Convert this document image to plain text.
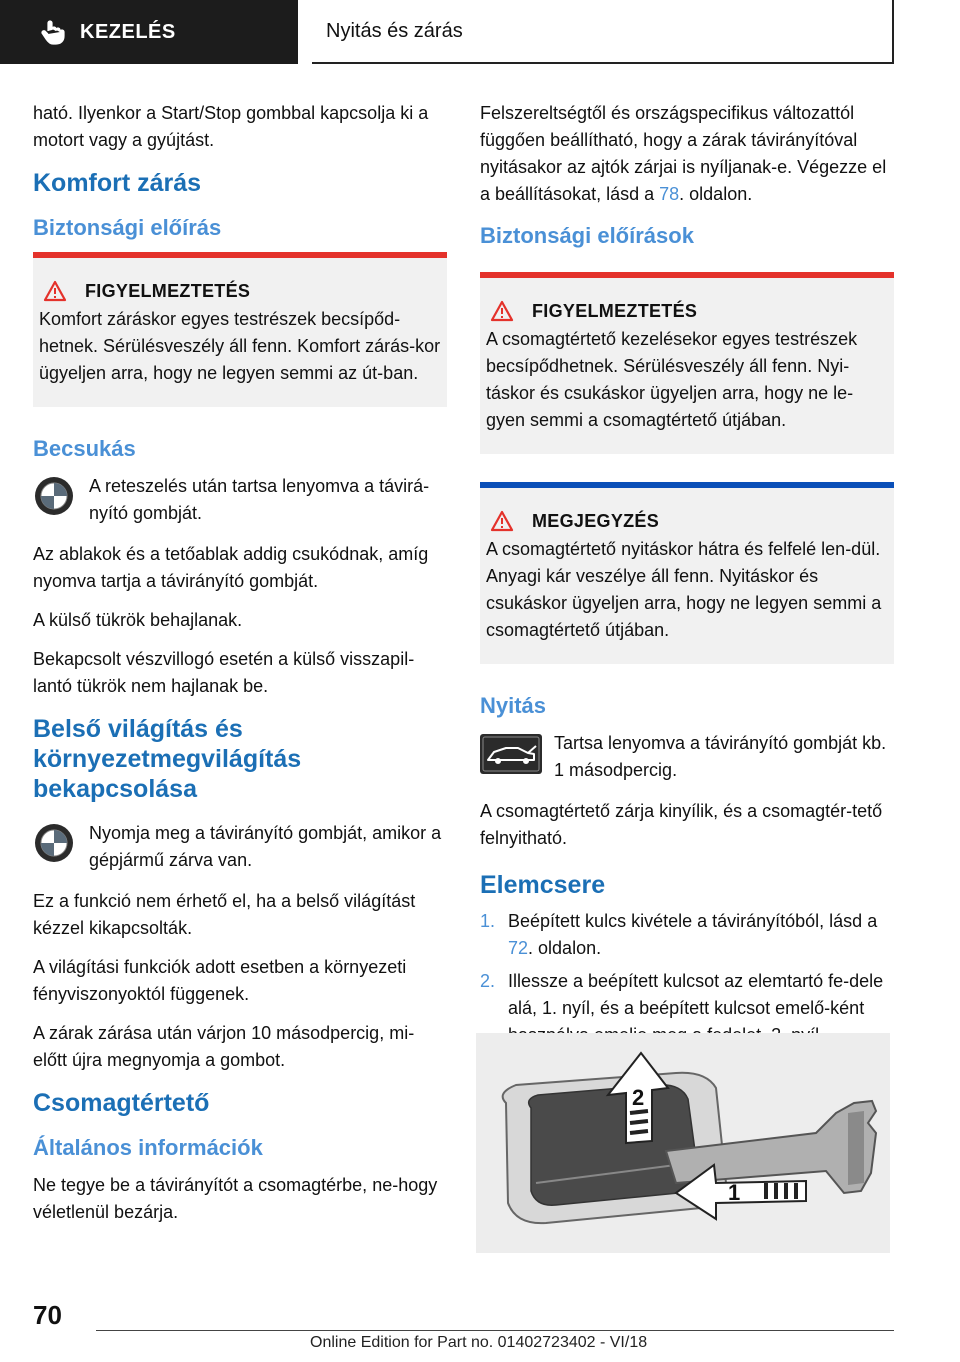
KEZELÉS	Nyitás és zárás

ható. Ilyenkor a Start/Stop gombbal kapcsolja ki a motort vagy a gyújtást.

Komfort zárás
Biztonsági előírás
FIGYELMEZTETÉS

Komfort záráskor egyes testrészek becsípőd-hetnek. Sérülésveszély áll fenn. Komfort zárás-kor ügyeljen arra, hogy ne legyen semmi az út-ban.

Becsukás

A reteszelés után tartsa lenyomva a távirá-nyító gombját.

Az ablakok és a tetőablak addig csukódnak, amíg nyomva tartja a távirányító gombját.

A külső tükrök behajlanak.

Bekapcsolt vészvillogó esetén a külső visszapil-lantó tükrök nem hajlanak be.

Belső világítás és környezetmegvilágítás bekapcsolása

Nyomja meg a távirányító gombját, amikor a gépjármű zárva van.

Ez a funkció nem érhető el, ha a belső világítást kézzel kikapcsolták.

A világítási funkciók adott esetben a környezeti fényviszonyoktól függenek.

A zárak zárása után várjon 10 másodpercig, mi-előtt újra megnyomja a gombot.

Csomagtértető
Általános információk

Ne tegye be a távirányítót a csomagtérbe, ne-hogy véletlenül bezárja.

Felszereltségtől és országspecifikus változattól függően beállítható, hogy a zárak távirányítóval nyitásakor az ajtók zárjai is nyíljanak-e. Végezze el a beállításokat, lásd a 78. oldalon.

Biztonsági előírások
FIGYELMEZTETÉS

A csomagtértető kezelésekor egyes testrészek becsípődhetnek. Sérülésveszély áll fenn. Nyi-táskor és csukáskor ügyeljen arra, hogy ne le-gyen semmi a csomagtértető útjában.

MEGJEGYZÉS

A csomagtértető nyitáskor hátra és felfelé len-dül. Anyagi kár veszélye áll fenn. Nyitáskor és csukáskor ügyeljen arra, hogy ne legyen semmi a csomagtértető útjában.

Nyitás

Tartsa lenyomva a távirányító gombját kb. 1 másodpercig.

A csomagtértető zárja kinyílik, és a csomagtér-tető felnyitható.

Elemcsere
1. Beépített kulcs kivétele a távirányítóból, lásd a 72. oldalon.
2. Illessze a beépített kulcsot az elemtartó fe-dele alá, 1. nyíl, és a beépített kulcsot emelő-ként
2
1
70
Online Edition for Part no. 01402723402 - VI/18
